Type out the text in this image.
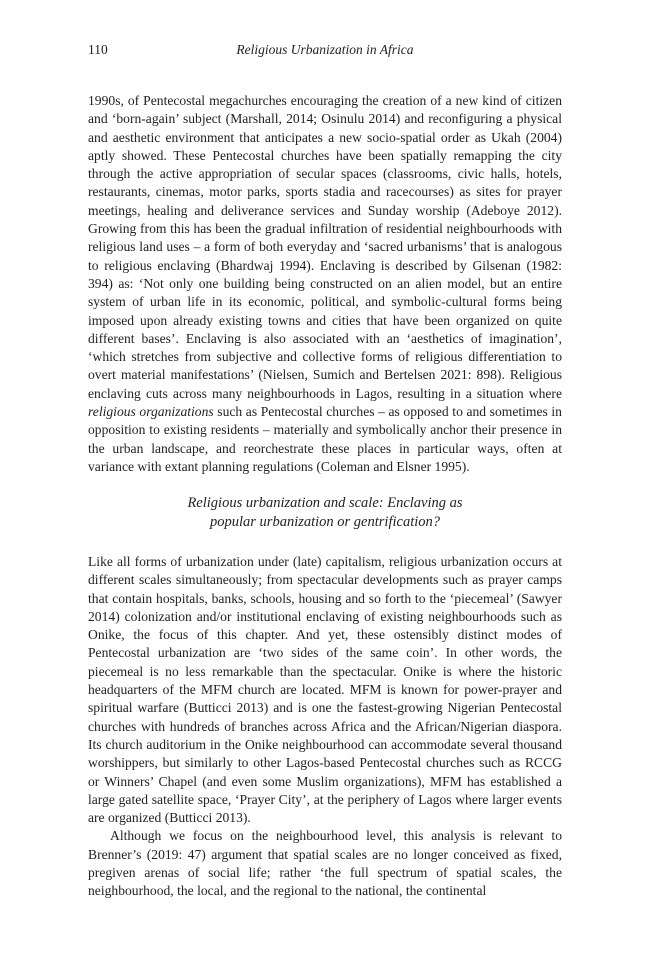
110	Religious Urbanization in Africa

1990s, of Pentecostal megachurches encouraging the creation of a new kind of citizen and ‘born-again’ subject (Marshall, 2014; Osinulu 2014) and reconfiguring a physical and aesthetic environment that anticipates a new socio-spatial order as Ukah (2004) aptly showed. These Pentecostal churches have been spatially remapping the city through the active appropriation of secular spaces (classrooms, civic halls, hotels, restaurants, cinemas, motor parks, sports stadia and racecourses) as sites for prayer meetings, healing and deliverance services and Sunday worship (Adeboye 2012). Growing from this has been the gradual infiltration of residential neighbourhoods with religious land uses – a form of both everyday and ‘sacred urbanisms’ that is analogous to religious enclaving (Bhardwaj 1994). Enclaving is described by Gilsenan (1982: 394) as: ‘Not only one building being constructed on an alien model, but an entire system of urban life in its economic, political, and symbolic-cultural forms being imposed upon already existing towns and cities that have been organized on quite different bases’. Enclaving is also associated with an ‘aesthetics of imagination’, ‘which stretches from subjective and collective forms of religious differentiation to overt material manifestations’ (Nielsen, Sumich and Bertelsen 2021: 898). Religious enclaving cuts across many neighbourhoods in Lagos, resulting in a situation where religious organizations such as Pentecostal churches – as opposed to and sometimes in opposition to existing residents – materially and symbolically anchor their presence in the urban landscape, and reorchestrate these places in particular ways, often at variance with extant planning regulations (Coleman and Elsner 1995).

Religious urbanization and scale: Enclaving as
popular urbanization or gentrification?

Like all forms of urbanization under (late) capitalism, religious urbanization occurs at different scales simultaneously; from spectacular developments such as prayer camps that contain hospitals, banks, schools, housing and so forth to the ‘piecemeal’ (Sawyer 2014) colonization and/or institutional enclaving of existing neighbourhoods such as Onike, the focus of this chapter. And yet, these ostensibly distinct modes of Pentecostal urbanization are ‘two sides of the same coin’. In other words, the piecemeal is no less remarkable than the spectacular. Onike is where the historic headquarters of the MFM church are located. MFM is known for power-prayer and spiritual warfare (Butticci 2013) and is one the fastest-growing Nigerian Pentecostal churches with hundreds of branches across Africa and the African/Nigerian diaspora. Its church auditorium in the Onike neighbourhood can accommodate several thousand worshippers, but similarly to other Lagos-based Pentecostal churches such as RCCG or Winners’ Chapel (and even some Muslim organizations), MFM has established a large gated satellite space, ‘Prayer City’, at the periphery of Lagos where larger events are organized (Butticci 2013).

Although we focus on the neighbourhood level, this analysis is relevant to Brenner’s (2019: 47) argument that spatial scales are no longer conceived as fixed, pregiven arenas of social life; rather ‘the full spectrum of spatial scales, the neighbourhood, the local, and the regional to the national, the continental
